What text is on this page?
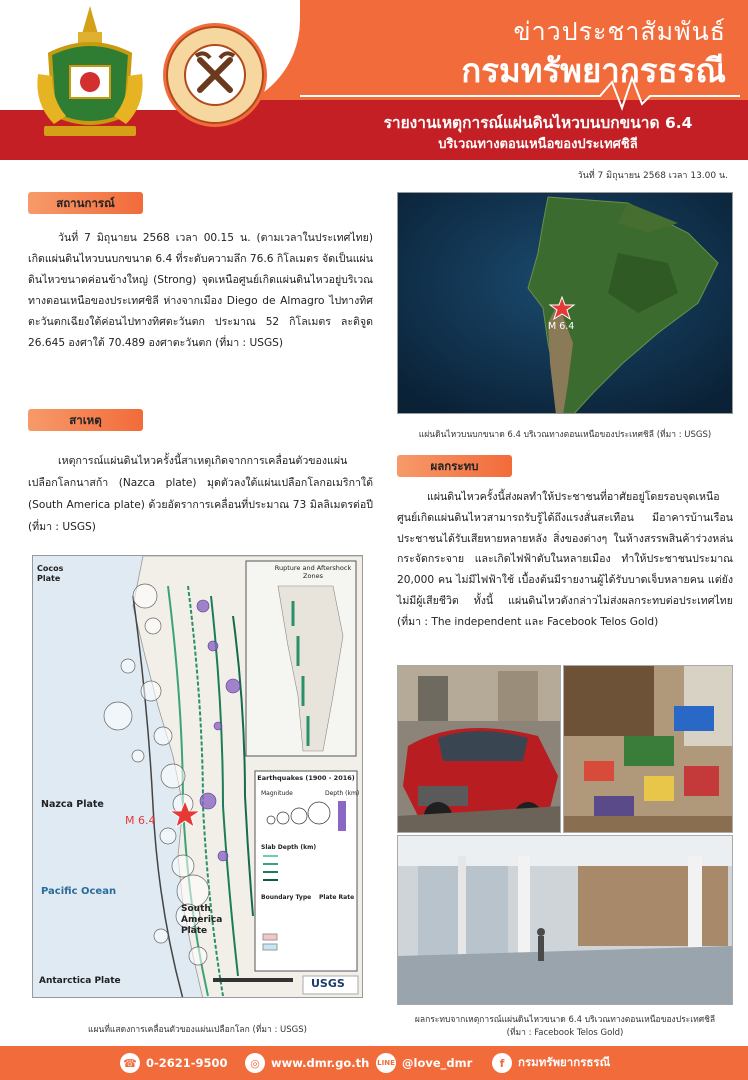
ข่าวประชาสัมพันธ์
กรมทรัพยากรธรณี
รายงานเหตุการณ์แผ่นดินไหวบนบกขนาด 6.4
บริเวณทางตอนเหนือของประเทศชิลี
วันที่ 7 มิถุนายน 2568 เวลา 13.00 น.
สถานการณ์
วันที่ 7 มิถุนายน 2568 เวลา 00.15 น. (ตามเวลาในประเทศไทย) เกิดแผ่นดินไหวบนบกขนาด 6.4 ที่ระดับความลึก 76.6 กิโลเมตร จัดเป็นแผ่นดินไหวขนาดค่อนข้างใหญ่ (Strong) จุดเหนือศูนย์เกิดแผ่นดินไหวอยู่บริเวณทางตอนเหนือของประเทศชิลี ห่างจากเมือง Diego de Almagro ไปทางทิศตะวันตกเฉียงใต้ค่อนไปทางทิศตะวันตก ประมาณ 52 กิโลเมตร ละติจูด 26.645 องศาใต้ 70.489 องศาตะวันตก (ที่มา : USGS)
M 6.4
แผ่นดินไหวบนบกขนาด 6.4 บริเวณทางตอนเหนือของประเทศชิลี (ที่มา : USGS)
สาเหตุ
เหตุการณ์แผ่นดินไหวครั้งนี้สาเหตุเกิดจากการเคลื่อนตัวของแผ่นเปลือกโลกนาสก้า (Nazca plate) มุดตัวลงใต้แผ่นเปลือกโลกอเมริกาใต้ (South America plate) ด้วยอัตราการเคลื่อนที่ประมาณ 73 มิลลิเมตรต่อปี (ที่มา : USGS)
ผลกระทบ
แผ่นดินไหวครั้งนี้ส่งผลทำให้ประชาชนที่อาศัยอยู่โดยรอบจุดเหนือศูนย์เกิดแผ่นดินไหวสามารถรับรู้ได้ถึงแรงสั่นสะเทือน มีอาคารบ้านเรือนประชาชนได้รับเสียหายหลายหลัง สิ่งของต่างๆ ในห้างสรรพสินค้าร่วงหล่นกระจัดกระจาย และเกิดไฟฟ้าดับในหลายเมือง ทำให้ประชาชนประมาณ 20,000 คน ไม่มีไฟฟ้าใช้ เบื้องต้นมีรายงานผู้ได้รับบาดเจ็บหลายคน แต่ยังไม่มีผู้เสียชีวิต ทั้งนี้ แผ่นดินไหวดังกล่าวไม่ส่งผลกระทบต่อประเทศไทย (ที่มา : The independent และ Facebook Telos Gold)
Cocos Plate
Nazca Plate
Pacific Ocean
South America Plate
Antarctica Plate
M 6.4
Rupture and Aftershock Zones
Earthquakes (1900 - 2016)
Magnitude	Depth (km)
Slab Depth (km)
Boundary Type Plate Rate
USGS
แผนที่แสดงการเคลื่อนตัวของแผ่นเปลือกโลก (ที่มา : USGS)
ผลกระทบจากเหตุการณ์แผ่นดินไหวขนาด 6.4 บริเวณทางตอนเหนือของประเทศชิลี
(ที่มา : Facebook Telos Gold)
☎ 0-2621-9500	◎ www.dmr.go.th LINE @love_dmr	f	กรมทรัพยากรธรณี
